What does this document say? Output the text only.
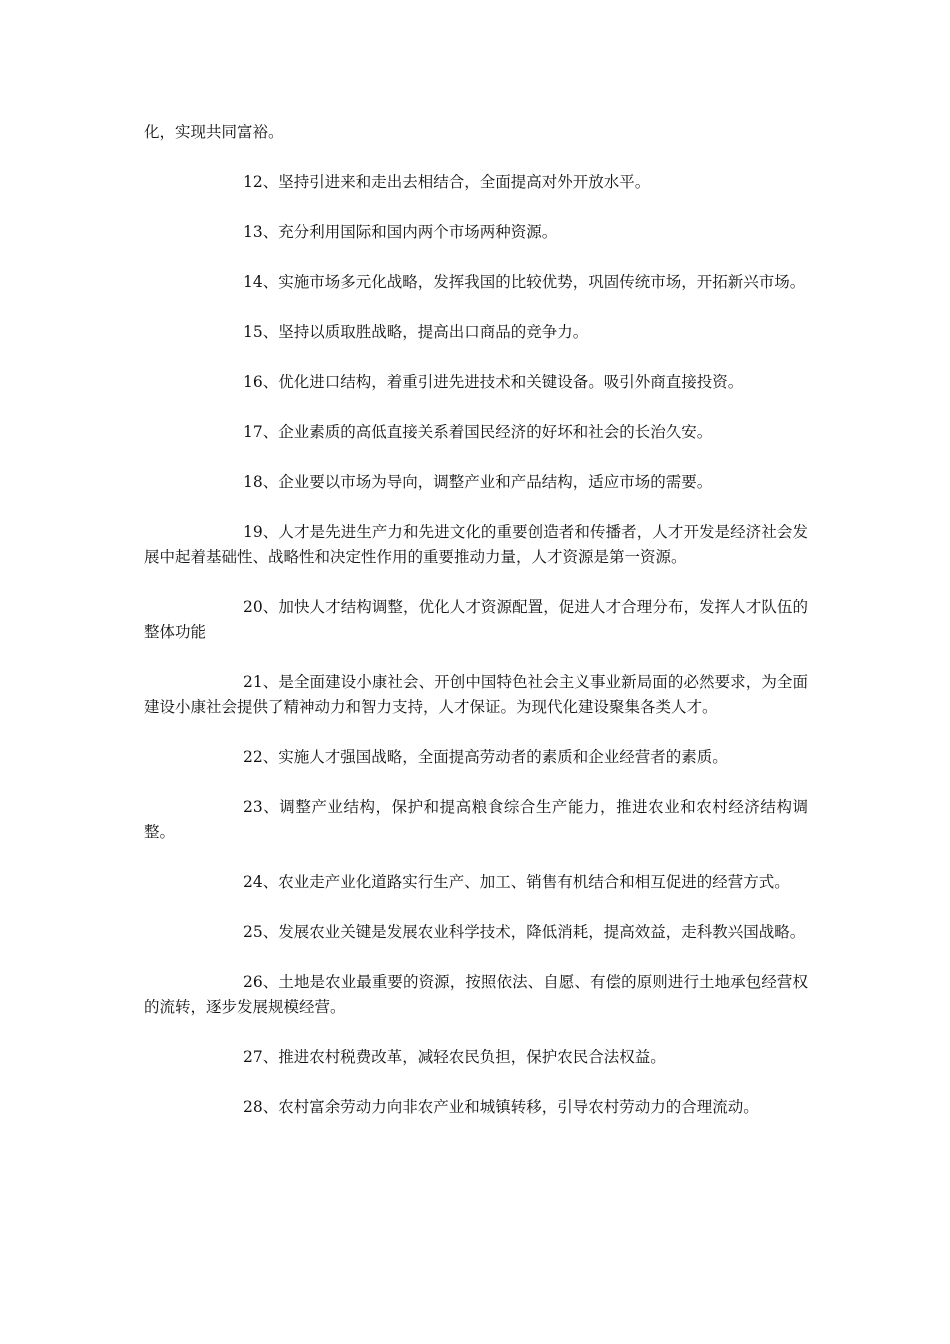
化，实现共同富裕。

12、坚持引进来和走出去相结合，全面提高对外开放水平。

13、充分利用国际和国内两个市场两种资源。

14、实施市场多元化战略，发挥我国的比较优势，巩固传统市场，开拓新兴市场。

15、坚持以质取胜战略，提高出口商品的竞争力。

16、优化进口结构，着重引进先进技术和关键设备。吸引外商直接投资。

17、企业素质的高低直接关系着国民经济的好坏和社会的长治久安。

18、企业要以市场为导向，调整产业和产品结构，适应市场的需要。

19、人才是先进生产力和先进文化的重要创造者和传播者，人才开发是经济社会发展中起着基础性、战略性和决定性作用的重要推动力量，人才资源是第一资源。

20、加快人才结构调整，优化人才资源配置，促进人才合理分布，发挥人才队伍的整体功能

21、是全面建设小康社会、开创中国特色社会主义事业新局面的必然要求，为全面建设小康社会提供了精神动力和智力支持，人才保证。为现代化建设聚集各类人才。

22、实施人才强国战略，全面提高劳动者的素质和企业经营者的素质。

23、调整产业结构，保护和提高粮食综合生产能力，推进农业和农村经济结构调整。

24、农业走产业化道路实行生产、加工、销售有机结合和相互促进的经营方式。

25、发展农业关键是发展农业科学技术，降低消耗，提高效益，走科教兴国战略。

26、土地是农业最重要的资源，按照依法、自愿、有偿的原则进行土地承包经营权的流转，逐步发展规模经营。

27、推进农村税费改革，减轻农民负担，保护农民合法权益。

28、农村富余劳动力向非农产业和城镇转移，引导农村劳动力的合理流动。
